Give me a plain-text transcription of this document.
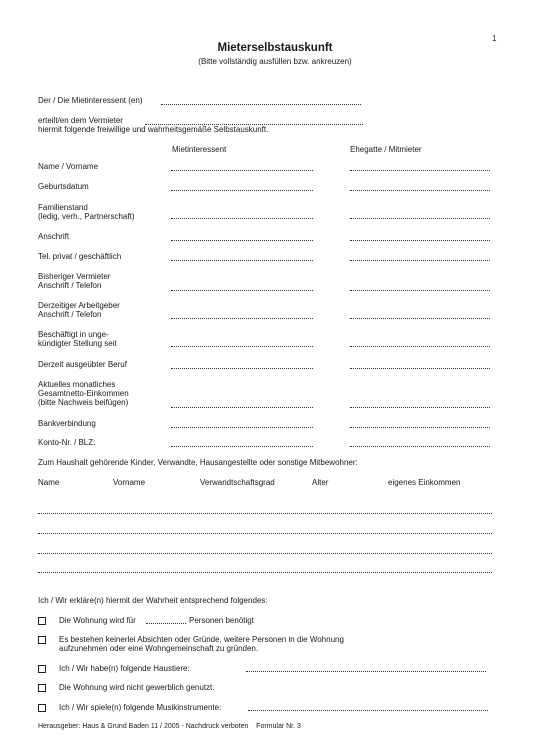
1
Mieterselbstauskunft
(Bitte vollständig ausfüllen bzw. ankreuzen)
Der / Die Mietinteressent (en)
erteilt/en dem Vermieter
hiermit folgende freiwillige und wahrheitsgemäße Selbstauskunft.
Mietinteressent	Ehegatte / Mitmieter
Name / Vorname
Geburtsdatum
Familienstand
(ledig, verh., Partnerschaft)
Anschrift
Tel. privat / geschäftlich
Bisheriger Vermieter
Anschrift / Telefon
Derzeitiger Arbeitgeber
Anschrift / Telefon
Beschäftigt in unge-
kündigter Stellung seit
Derzeit ausgeübter Beruf
Aktuelles monatliches
Gesamtnetto-Einkommen
(bitte Nachweis beifügen)
Bankverbindung
Konto-Nr. / BLZ:
Zum Haushalt gehörende Kinder, Verwandte, Hausangestellte oder sonstige Mitbewohner:
Name	Vorname	Verwandtschaftsgrad	Alter	eigenes Einkommen
Ich / Wir erkläre(n) hiermit der Wahrheit entsprechend folgendes:
Die Wohnung wird für	Personen benötigt
Es bestehen keinerlei Absichten oder Gründe, weitere Personen in die Wohnung
aufzunehmen oder eine Wohngemeinschaft zu gründen.
Ich / Wir habe(n) folgende Haustiere:
Die Wohnung wird nicht gewerblich genutzt.
Ich / Wir spiele(n) folgende Musikinstrumente:
Herausgeber: Haus & Grund Baden 11 / 2005 - Nachdruck verboten    Formular Nr. 3
